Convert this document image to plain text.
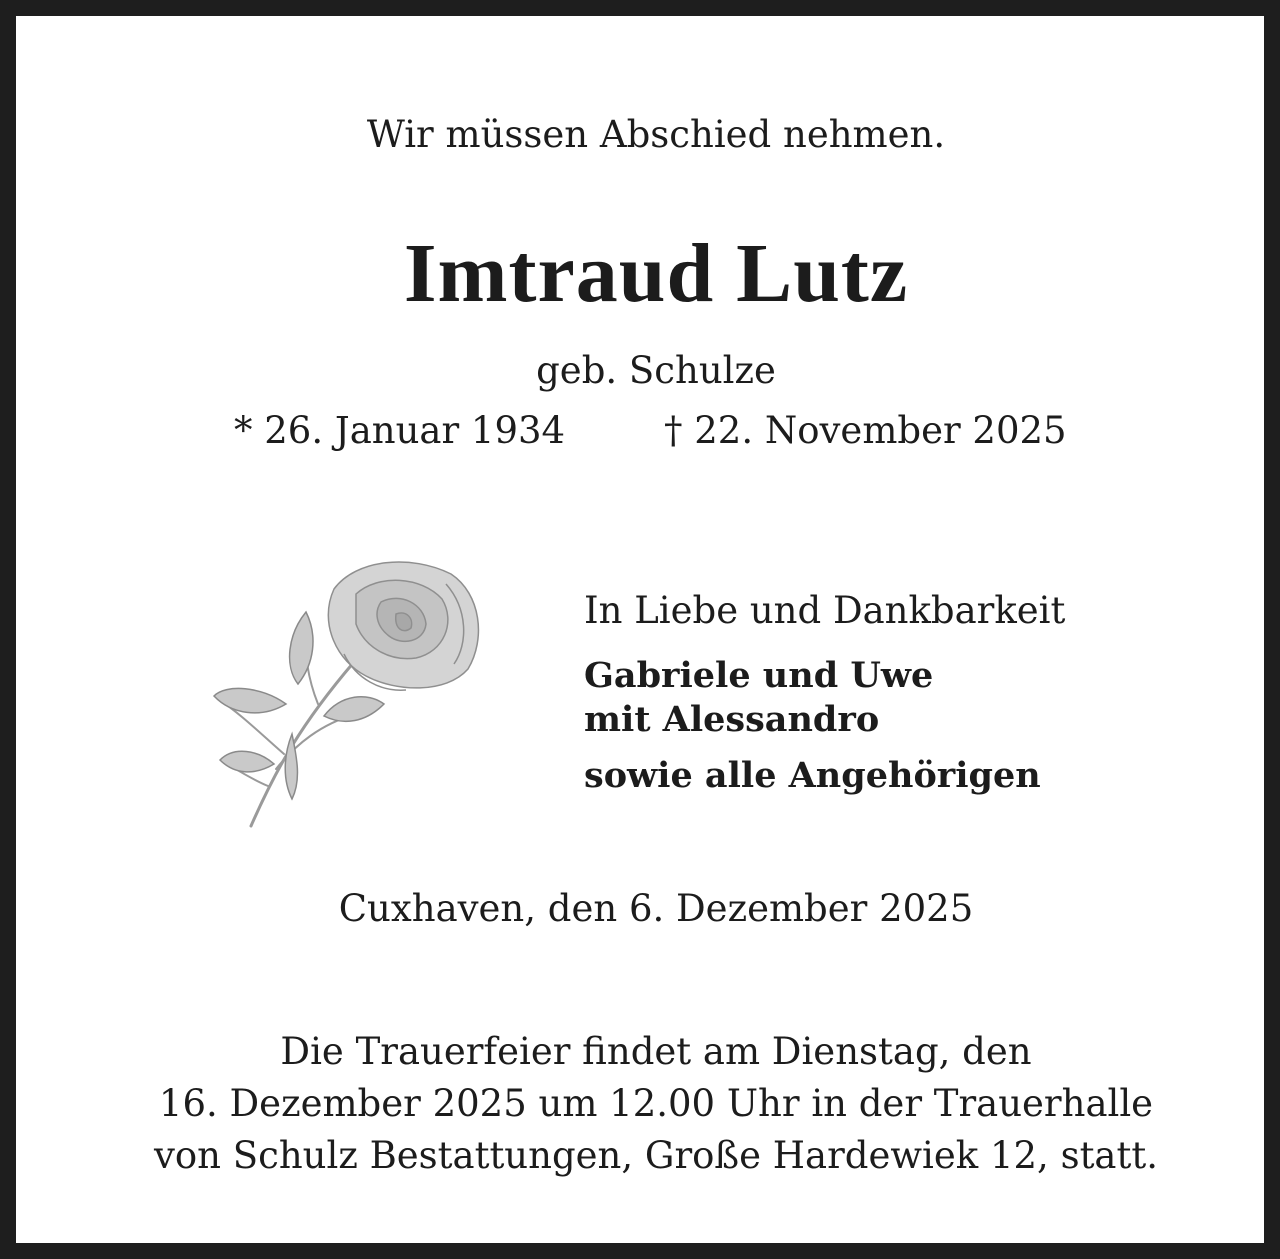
Wir müssen Abschied nehmen.
Imtraud Lutz
geb. Schulze
* 26. Januar 1934	† 22. November 2025

In Liebe und Dankbarkeit

Gabriele und Uwe

mit Alessandro

sowie alle Angehörigen

Cuxhaven, den 6. Dezember 2025
Die Trauerfeier findet am Dienstag, den
16. Dezember 2025 um 12.00 Uhr in der Trauerhalle
von Schulz Bestattungen, Große Hardewiek 12, statt.
